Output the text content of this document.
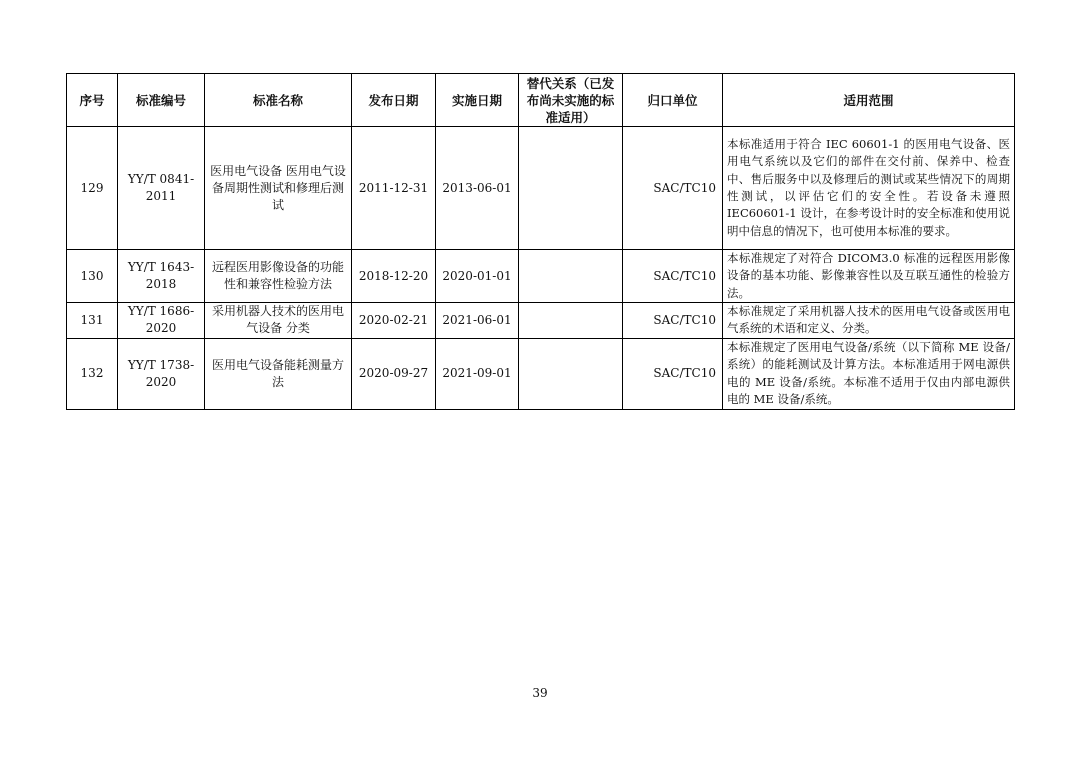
序号	标准编号	标准名称	发布日期	实施日期	替代关系（已发布尚未实施的标准适用）	归口单位	适用范围
129	YY/T 0841-2011	医用电气设备 医用电气设备周期性测试和修理后测试	2011-12-31	2013-06-01		SAC/TC10	本标准适用于符合 IEC 60601-1 的医用电气设备、医用电气系统以及它们的部件在交付前、保养中、检查中、售后服务中以及修理后的测试或某些情况下的周期性测试，以评估它们的安全性。若设备未遵照 IEC60601-1 设计，在参考设计时的安全标准和使用说明中信息的情况下，也可使用本标准的要求。
130	YY/T 1643-2018	远程医用影像设备的功能性和兼容性检验方法	2018-12-20	2020-01-01		SAC/TC10	本标准规定了对符合 DICOM3.0 标准的远程医用影像设备的基本功能、影像兼容性以及互联互通性的检验方法。
131	YY/T 1686-2020	采用机器人技术的医用电气设备 分类	2020-02-21	2021-06-01		SAC/TC10	本标准规定了采用机器人技术的医用电气设备或医用电气系统的术语和定义、分类。
132	YY/T 1738-2020	医用电气设备能耗测量方法	2020-09-27	2021-09-01		SAC/TC10	本标准规定了医用电气设备/系统（以下简称 ME 设备/系统）的能耗测试及计算方法。本标准适用于网电源供电的 ME 设备/系统。本标准不适用于仅由内部电源供电的 ME 设备/系统。
39
